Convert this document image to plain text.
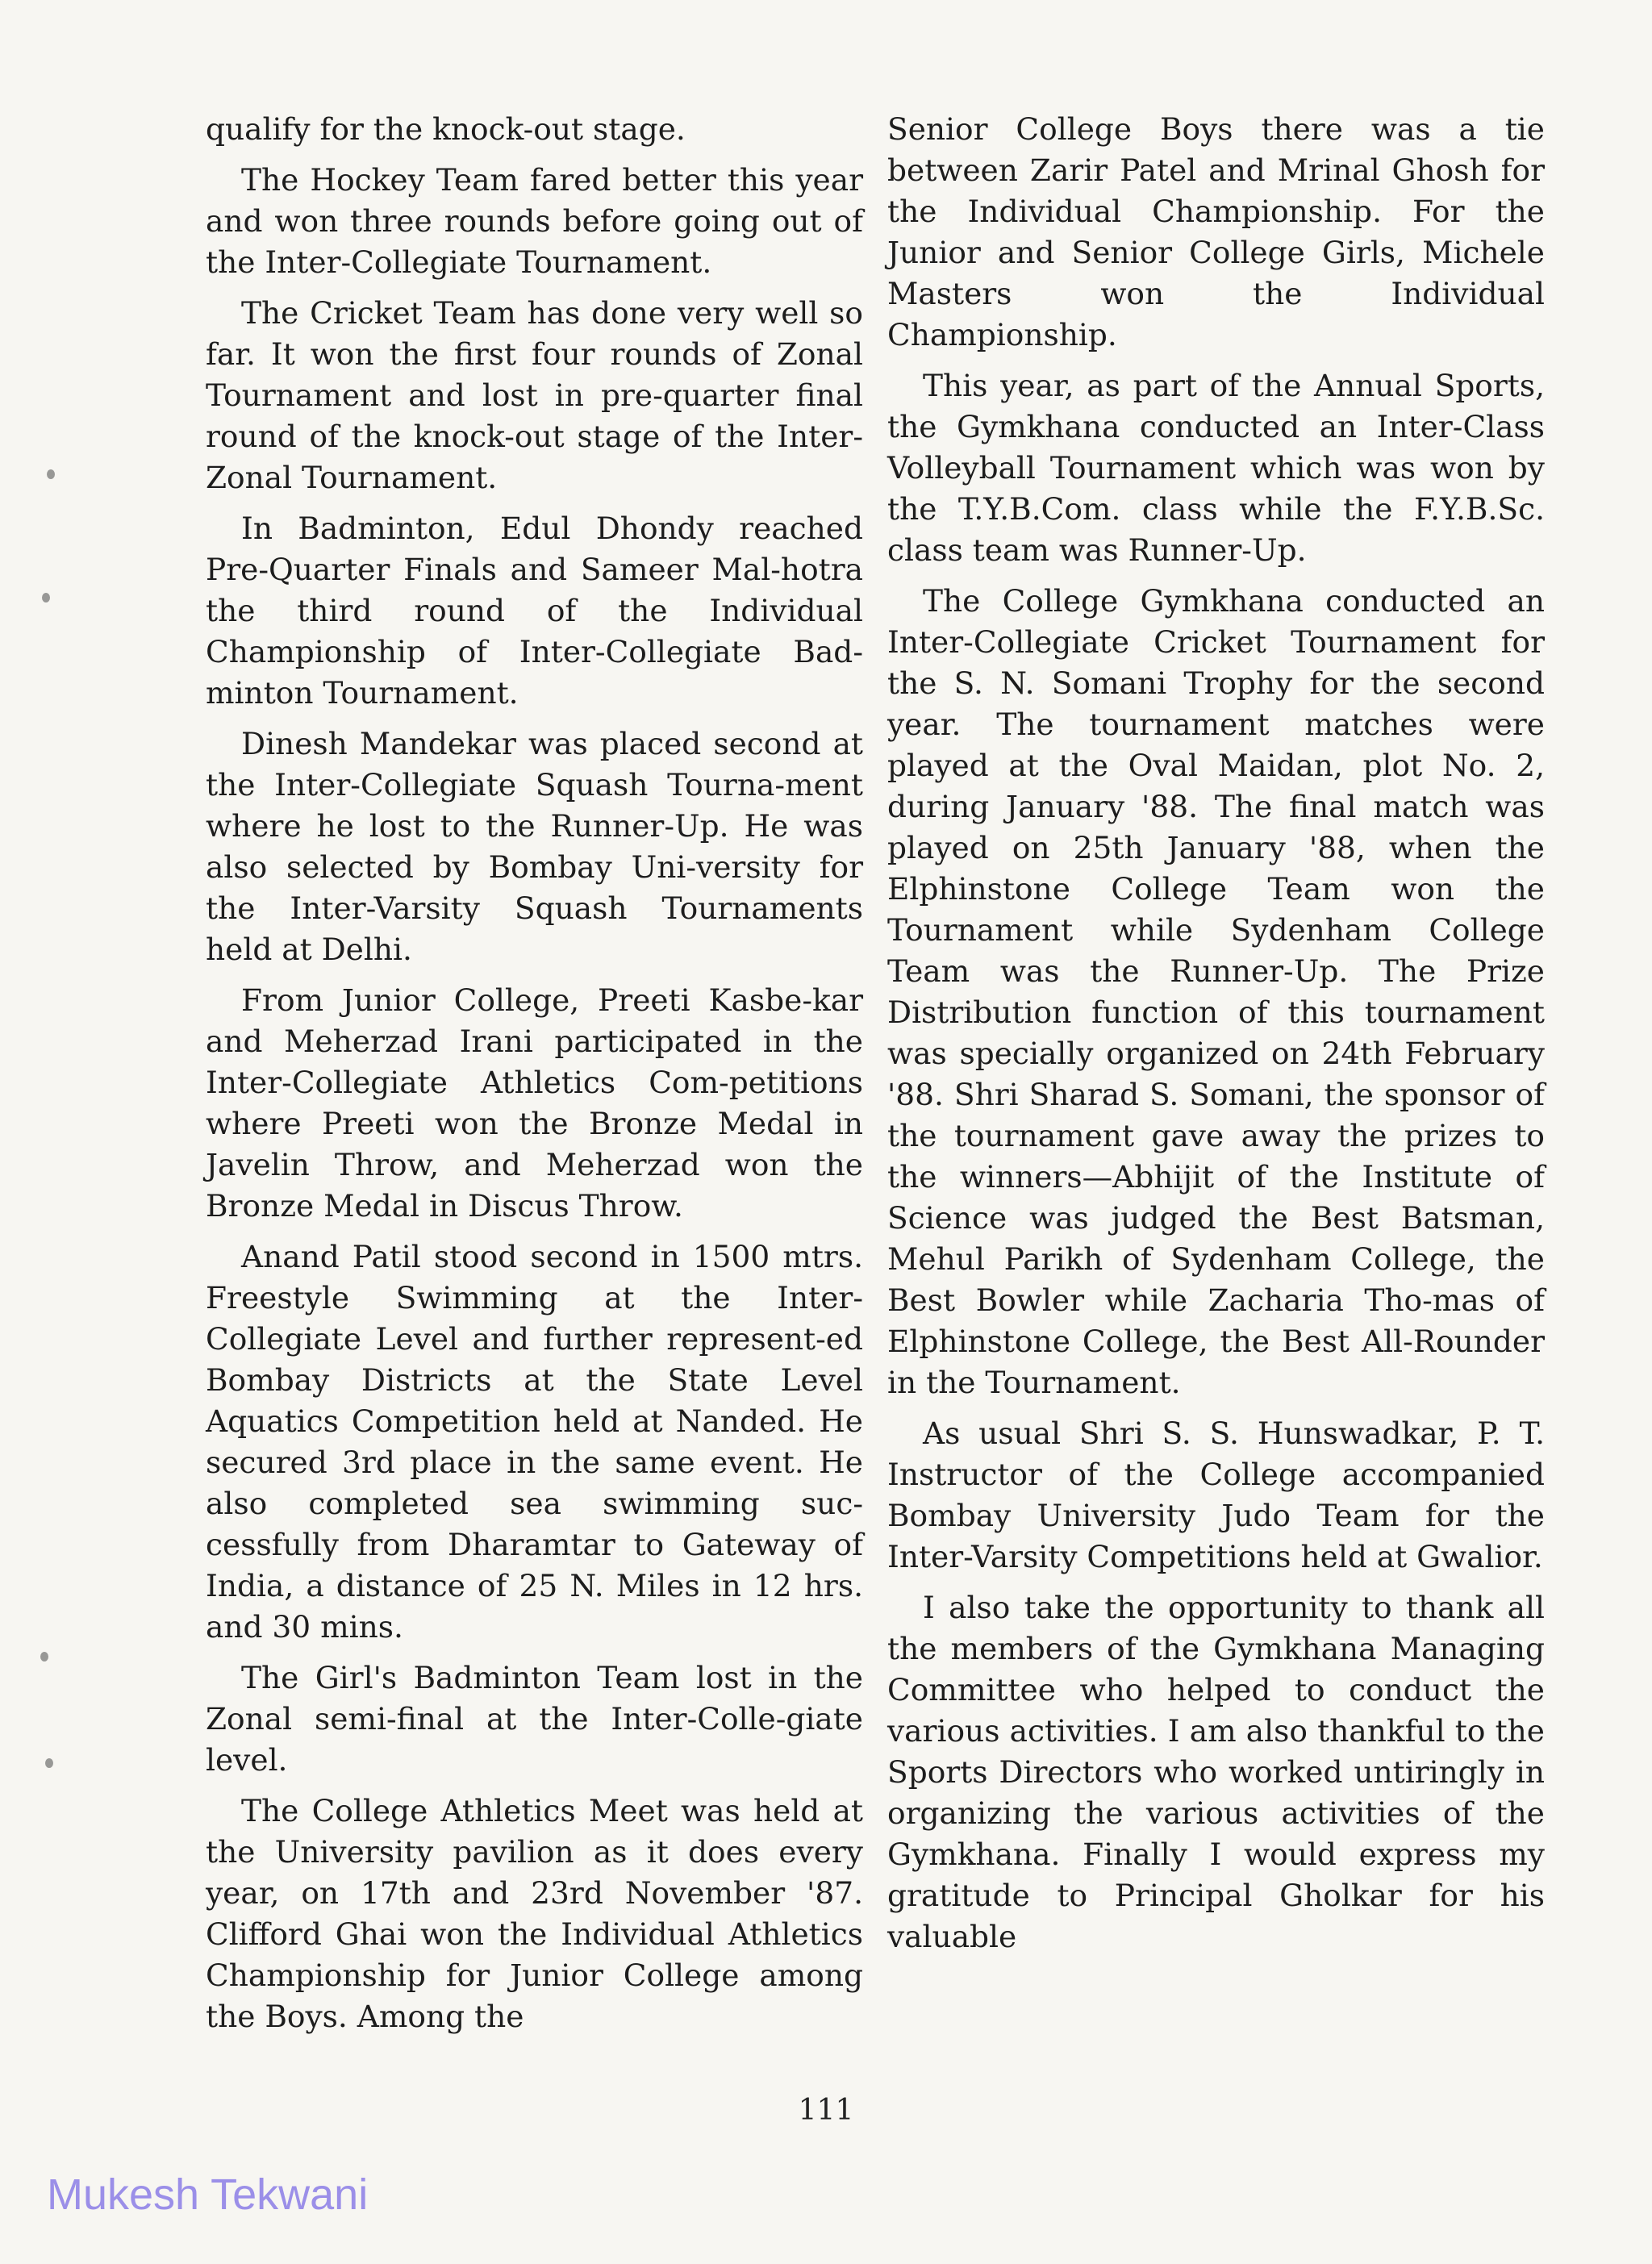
qualify for the knock-out stage.

The Hockey Team fared better this year and won three rounds before going out of the Inter-Collegiate Tournament.

The Cricket Team has done very well so far. It won the first four rounds of Zonal Tournament and lost in pre-quarter final round of the knock-out stage of the Inter-Zonal Tournament.

In Badminton, Edul Dhondy reached Pre-Quarter Finals and Sameer Mal-hotra the third round of the Individual Championship of Inter-Collegiate Bad-minton Tournament.

Dinesh Mandekar was placed second at the Inter-Collegiate Squash Tourna-ment where he lost to the Runner-Up. He was also selected by Bombay Uni-versity for the Inter-Varsity Squash Tournaments held at Delhi.

From Junior College, Preeti Kasbe-kar and Meherzad Irani participated in the Inter-Collegiate Athletics Com-petitions where Preeti won the Bronze Medal in Javelin Throw, and Meherzad won the Bronze Medal in Discus Throw.

Anand Patil stood second in 1500 mtrs. Freestyle Swimming at the Inter-Collegiate Level and further represent-ed Bombay Districts at the State Level Aquatics Competition held at Nanded. He secured 3rd place in the same event. He also completed sea swimming suc-cessfully from Dharamtar to Gateway of India, a distance of 25 N. Miles in 12 hrs. and 30 mins.

The Girl's Badminton Team lost in the Zonal semi-final at the Inter-Colle-giate level.

The College Athletics Meet was held at the University pavilion as it does every year, on 17th and 23rd November '87. Clifford Ghai won the Individual Athletics Championship for Junior College among the Boys. Among the

Senior College Boys there was a tie between Zarir Patel and Mrinal Ghosh for the Individual Championship. For the Junior and Senior College Girls, Michele Masters won the Individual Championship.

This year, as part of the Annual Sports, the Gymkhana conducted an Inter-Class Volleyball Tournament which was won by the T.Y.B.Com. class while the F.Y.B.Sc. class team was Runner-Up.

The College Gymkhana conducted an Inter-Collegiate Cricket Tournament for the S. N. Somani Trophy for the second year. The tournament matches were played at the Oval Maidan, plot No. 2, during January '88. The final match was played on 25th January '88, when the Elphinstone College Team won the Tournament while Sydenham College Team was the Runner-Up. The Prize Distribution function of this tournament was specially organized on 24th February '88. Shri Sharad S. Somani, the sponsor of the tournament gave away the prizes to the winners—Abhijit of the Institute of Science was judged the Best Batsman, Mehul Parikh of Sydenham College, the Best Bowler while Zacharia Tho-mas of Elphinstone College, the Best All-Rounder in the Tournament.

As usual Shri S. S. Hunswadkar, P. T. Instructor of the College accompanied Bombay University Judo Team for the Inter-Varsity Competitions held at Gwalior.

I also take the opportunity to thank all the members of the Gymkhana Managing Committee who helped to conduct the various activities. I am also thankful to the Sports Directors who worked untiringly in organizing the various activities of the Gymkhana. Finally I would express my gratitude to Principal Gholkar for his valuable

111
Mukesh Tekwani
